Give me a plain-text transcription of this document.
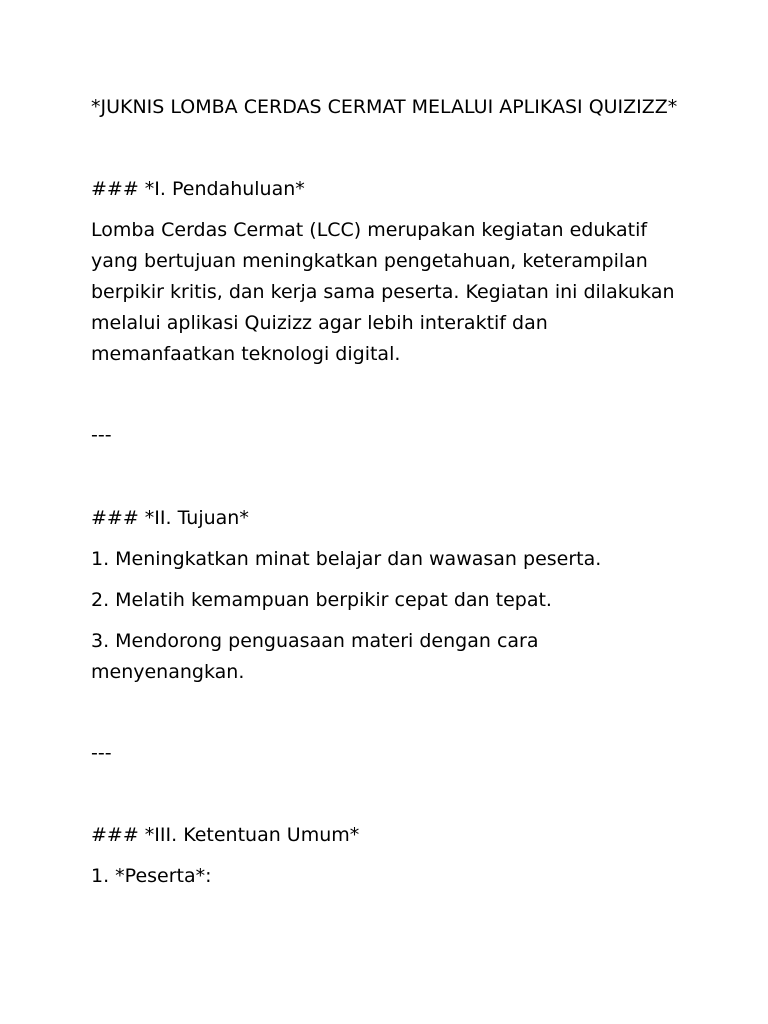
*JUKNIS LOMBA CERDAS CERMAT MELALUI APLIKASI QUIZIZZ*

### *I. Pendahuluan*

Lomba Cerdas Cermat (LCC) merupakan kegiatan edukatif yang bertujuan meningkatkan pengetahuan, keterampilan berpikir kritis, dan kerja sama peserta. Kegiatan ini dilakukan melalui aplikasi Quizizz agar lebih interaktif dan memanfaatkan teknologi digital.

---

### *II. Tujuan*

1. Meningkatkan minat belajar dan wawasan peserta.

2. Melatih kemampuan berpikir cepat dan tepat.

3. Mendorong penguasaan materi dengan cara menyenangkan.

---

### *III. Ketentuan Umum*

1. *Peserta*:
